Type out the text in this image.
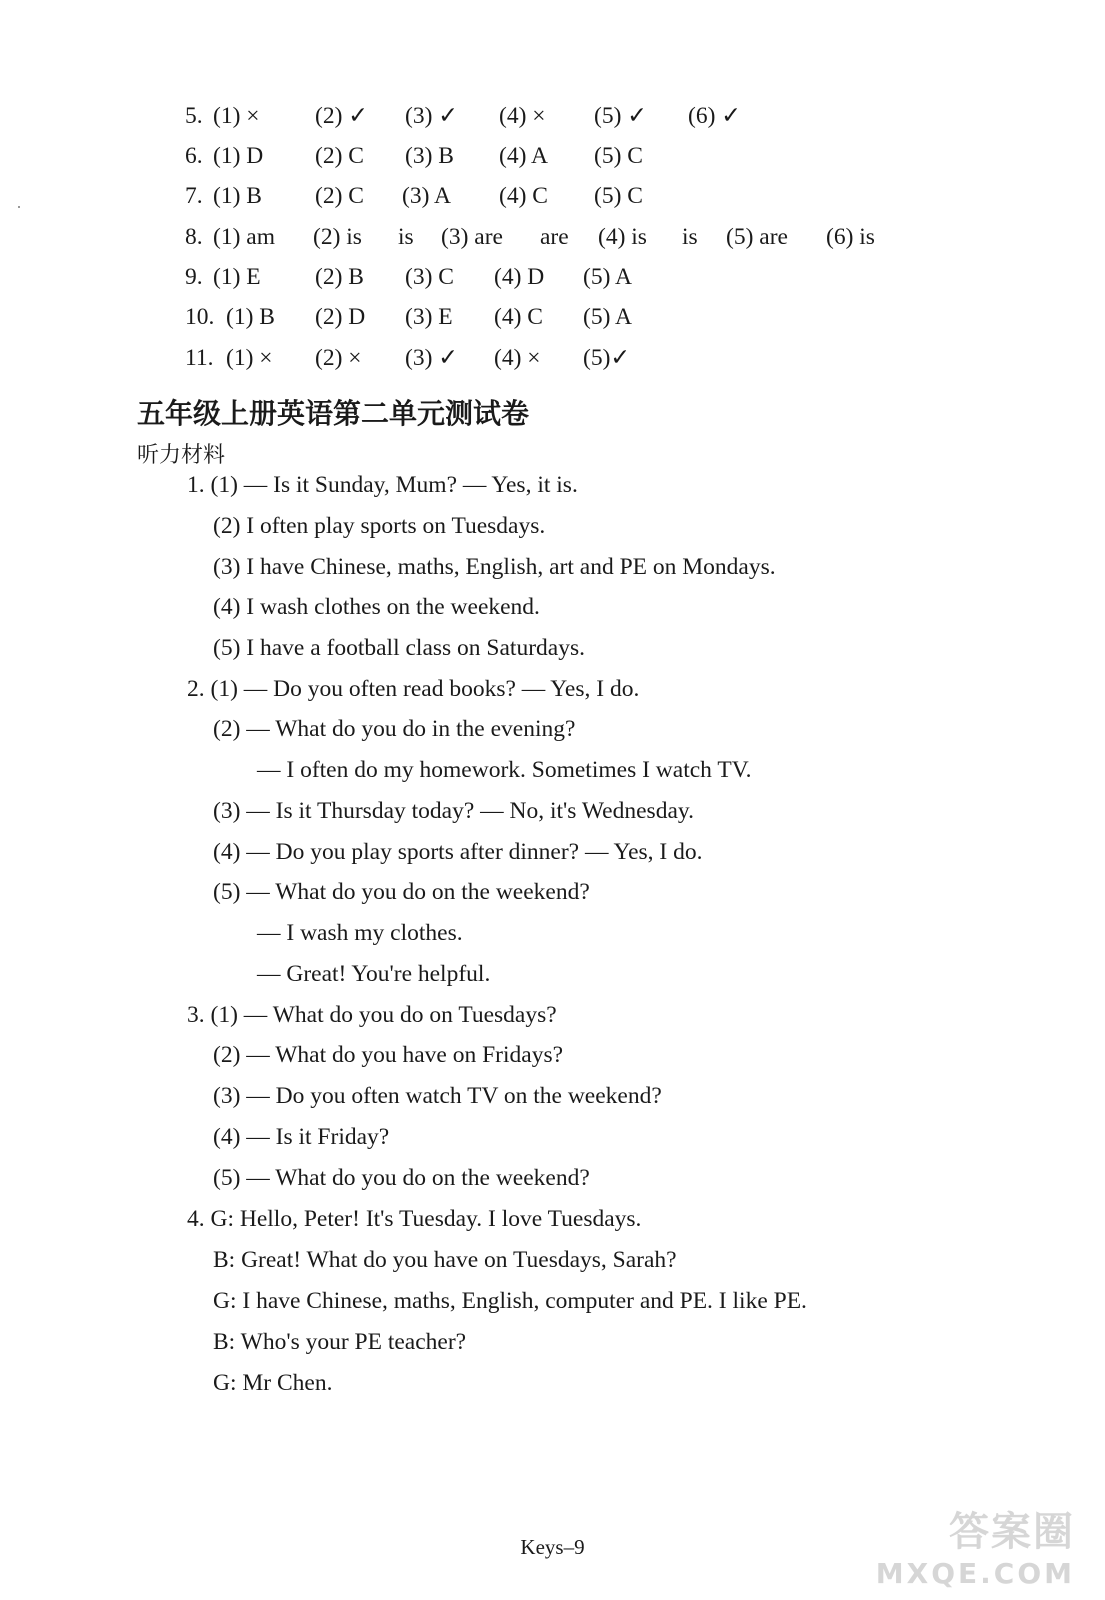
5. (1) × (2) ✓ (3) ✓ (4) × (5) ✓ (6) ✓
6. (1) D (2) C (3) B (4) A (5) C
7. (1) B (2) C (3) A (4) C (5) C
8. (1) am (2) is is (3) are are (4) is is (5) are (6) is
9. (1) E (2) B (3) C (4) D (5) A
10. (1) B (2) D (3) E (4) C (5) A
11. (1) × (2) × (3) ✓ (4) × (5)✓
五年级上册英语第二单元测试卷
听力材料
1. (1) — Is it Sunday, Mum? — Yes, it is.
(2) I often play sports on Tuesdays.
(3) I have Chinese, maths, English, art and PE on Mondays.
(4) I wash clothes on the weekend.
(5) I have a football class on Saturdays.
2. (1) — Do you often read books? — Yes, I do.
(2) — What do you do in the evening?
— I often do my homework. Sometimes I watch TV.
(3) — Is it Thursday today? — No, it's Wednesday.
(4) — Do you play sports after dinner? — Yes, I do.
(5) — What do you do on the weekend?
— I wash my clothes.
— Great! You're helpful.
3. (1) — What do you do on Tuesdays?
(2) — What do you have on Fridays?
(3) — Do you often watch TV on the weekend?
(4) — Is it Friday?
(5) — What do you do on the weekend?
4. G: Hello, Peter! It's Tuesday. I love Tuesdays.
B: Great! What do you have on Tuesdays, Sarah?
G: I have Chinese, maths, English, computer and PE. I like PE.
B: Who's your PE teacher?
G: Mr Chen.
Keys–9	答案圈
MXQE.COM
